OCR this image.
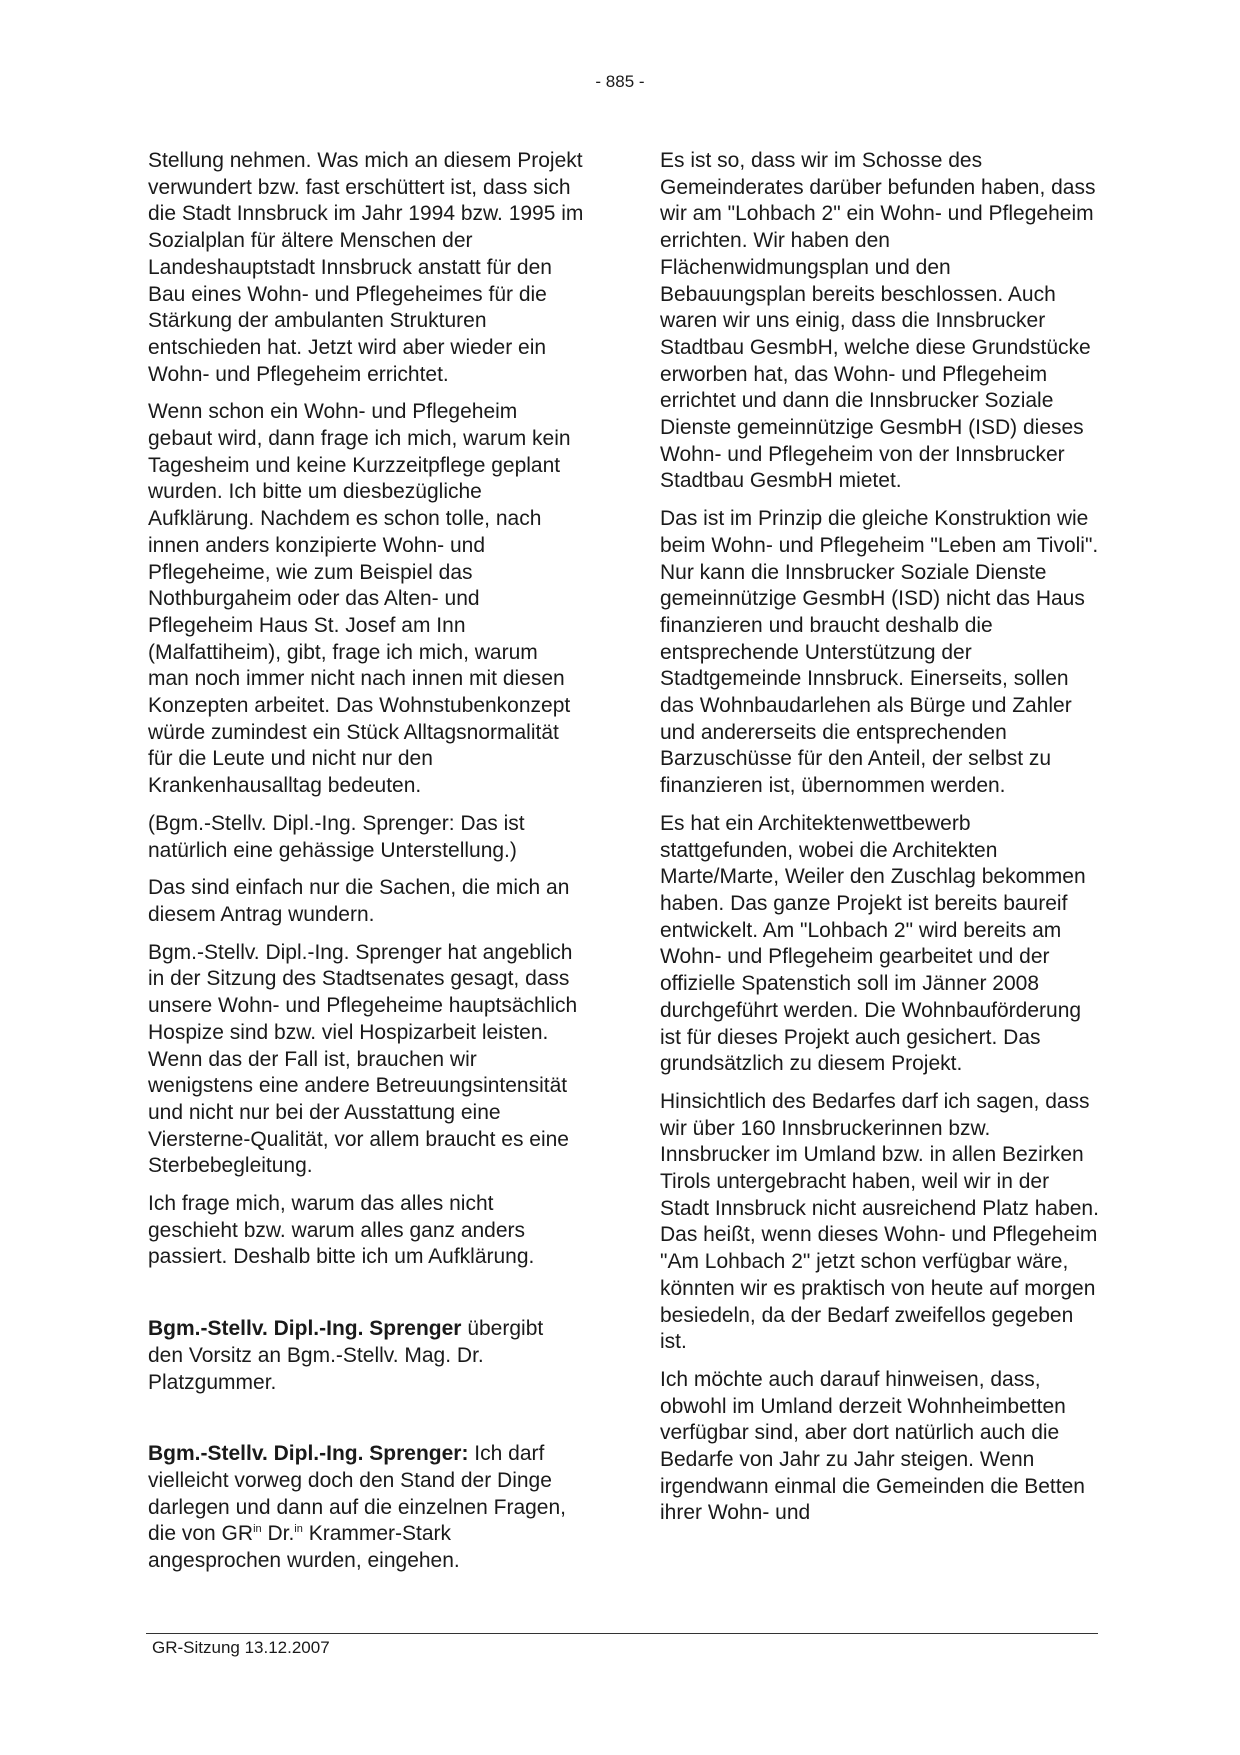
- 885 -

Stellung nehmen. Was mich an diesem Projekt verwundert bzw. fast erschüttert ist, dass sich die Stadt Innsbruck im Jahr 1994 bzw. 1995 im Sozialplan für ältere Menschen der Landeshauptstadt Innsbruck anstatt für den Bau eines Wohn- und Pflegeheimes für die Stärkung der ambulanten Strukturen entschieden hat. Jetzt wird aber wieder ein Wohn- und Pflegeheim errichtet.

Wenn schon ein Wohn- und Pflegeheim gebaut wird, dann frage ich mich, warum kein Tagesheim und keine Kurzzeitpflege geplant wurden. Ich bitte um diesbezügliche Aufklärung. Nachdem es schon tolle, nach innen anders konzipierte Wohn- und Pflegeheime, wie zum Beispiel das Nothburgaheim oder das Alten- und Pflegeheim Haus St. Josef am Inn (Malfattiheim), gibt, frage ich mich, warum man noch immer nicht nach innen mit diesen Konzepten arbeitet. Das Wohnstubenkonzept würde zumindest ein Stück Alltagsnormalität für die Leute und nicht nur den Krankenhausalltag bedeuten.

(Bgm.-Stellv. Dipl.-Ing. Sprenger: Das ist natürlich eine gehässige Unterstellung.)

Das sind einfach nur die Sachen, die mich an diesem Antrag wundern.

Bgm.-Stellv. Dipl.-Ing. Sprenger hat angeblich in der Sitzung des Stadtsenates gesagt, dass unsere Wohn- und Pflegeheime hauptsächlich Hospize sind bzw. viel Hospizarbeit leisten. Wenn das der Fall ist, brauchen wir wenigstens eine andere Betreuungsintensität und nicht nur bei der Ausstattung eine Viersterne-Qualität, vor allem braucht es eine Sterbebegleitung.

Ich frage mich, warum das alles nicht geschieht bzw. warum alles ganz anders passiert. Deshalb bitte ich um Aufklärung.

Bgm.-Stellv. Dipl.-Ing. Sprenger übergibt den Vorsitz an Bgm.-Stellv. Mag. Dr. Platzgummer.

Bgm.-Stellv. Dipl.-Ing. Sprenger: Ich darf vielleicht vorweg doch den Stand der Dinge darlegen und dann auf die einzelnen Fragen, die von $GR^{in}$ Dr.$^{in}$ Krammer-Stark angesprochen wurden, eingehen.

Es ist so, dass wir im Schosse des Gemeinderates darüber befunden haben, dass wir am "Lohbach 2" ein Wohn- und Pflegeheim errichten. Wir haben den Flächenwidmungsplan und den Bebauungsplan bereits beschlossen. Auch waren wir uns einig, dass die Innsbrucker Stadtbau GesmbH, welche diese Grundstücke erworben hat, das Wohn- und Pflegeheim errichtet und dann die Innsbrucker Soziale Dienste gemeinnützige GesmbH (ISD) dieses Wohn- und Pflegeheim von der Innsbrucker Stadtbau GesmbH mietet.

Das ist im Prinzip die gleiche Konstruktion wie beim Wohn- und Pflegeheim "Leben am Tivoli". Nur kann die Innsbrucker Soziale Dienste gemeinnützige GesmbH (ISD) nicht das Haus finanzieren und braucht deshalb die entsprechende Unterstützung der Stadtgemeinde Innsbruck. Einerseits, sollen das Wohnbaudarlehen als Bürge und Zahler und andererseits die entsprechenden Barzuschüsse für den Anteil, der selbst zu finanzieren ist, übernommen werden.

Es hat ein Architektenwettbewerb stattgefunden, wobei die Architekten Marte/Marte, Weiler den Zuschlag bekommen haben. Das ganze Projekt ist bereits baureif entwickelt. Am "Lohbach 2" wird bereits am Wohn- und Pflegeheim gearbeitet und der offizielle Spatenstich soll im Jänner 2008 durchgeführt werden. Die Wohnbauförderung ist für dieses Projekt auch gesichert. Das grundsätzlich zu diesem Projekt.

Hinsichtlich des Bedarfes darf ich sagen, dass wir über 160 Innsbruckerinnen bzw. Innsbrucker im Umland bzw. in allen Bezirken Tirols untergebracht haben, weil wir in der Stadt Innsbruck nicht ausreichend Platz haben. Das heißt, wenn dieses Wohn- und Pflegeheim "Am Lohbach 2" jetzt schon verfügbar wäre, könnten wir es praktisch von heute auf morgen besiedeln, da der Bedarf zweifellos gegeben ist.

Ich möchte auch darauf hinweisen, dass, obwohl im Umland derzeit Wohnheimbetten verfügbar sind, aber dort natürlich auch die Bedarfe von Jahr zu Jahr steigen. Wenn irgendwann einmal die Gemeinden die Betten ihrer Wohn- und

GR-Sitzung 13.12.2007
